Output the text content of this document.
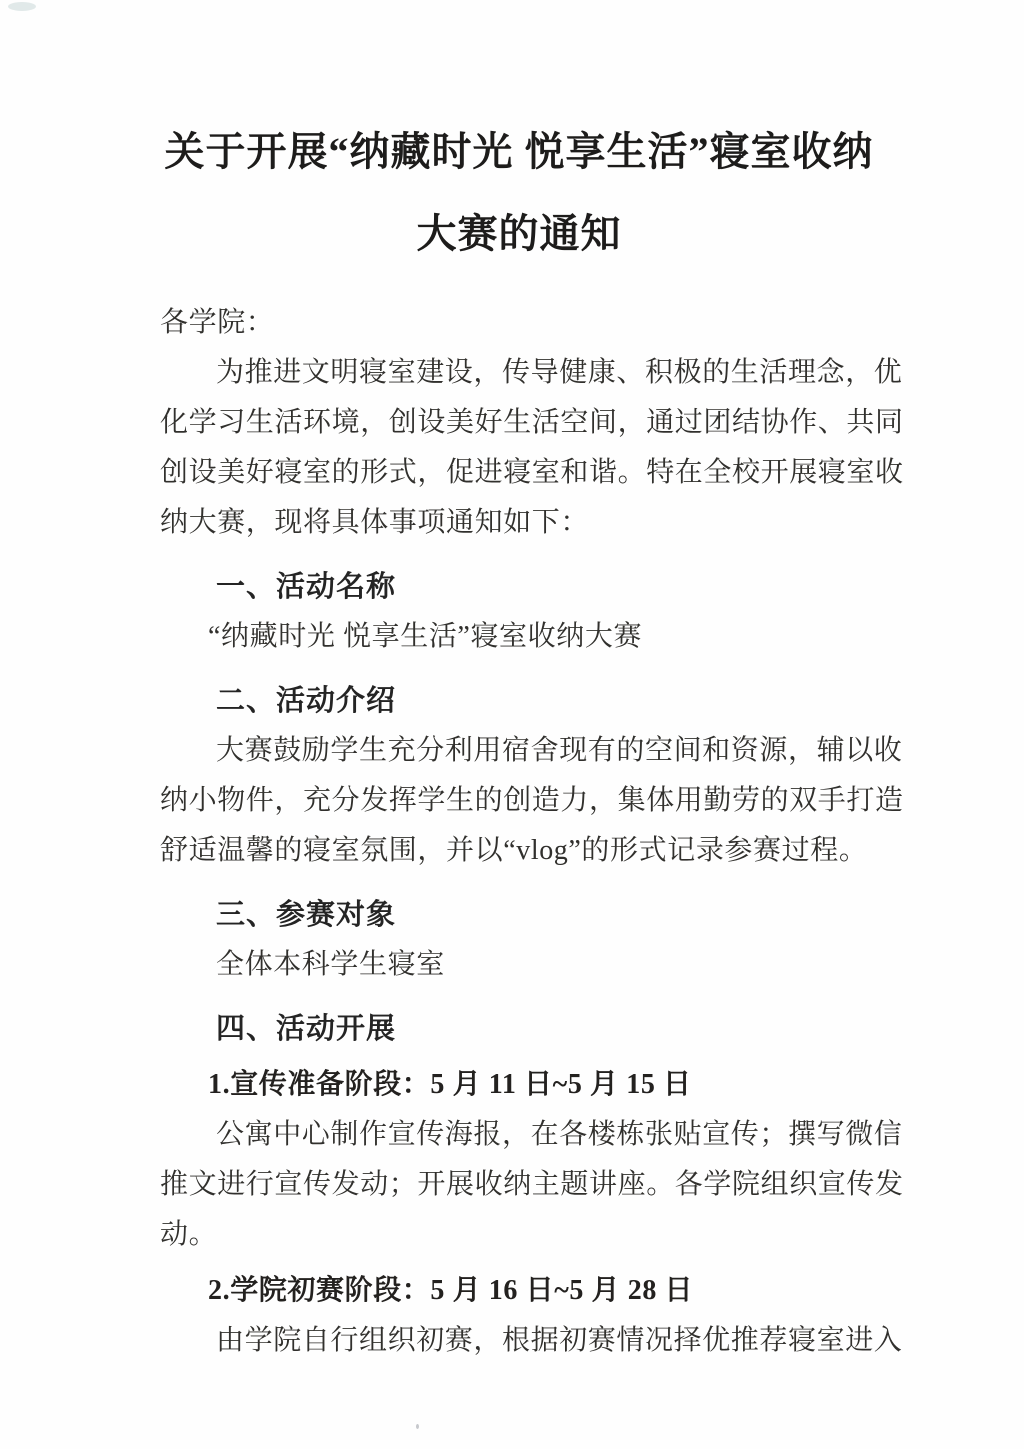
关于开展“纳藏时光 悦享生活”寝室收纳
大赛的通知
各学院：
为推进文明寝室建设，传导健康、积极的生活理念，优
化学习生活环境，创设美好生活空间，通过团结协作、共同
创设美好寝室的形式，促进寝室和谐。特在全校开展寝室收
纳大赛，现将具体事项通知如下：
一、活动名称
“纳藏时光 悦享生活”寝室收纳大赛
二、活动介绍
大赛鼓励学生充分利用宿舍现有的空间和资源，辅以收
纳小物件，充分发挥学生的创造力，集体用勤劳的双手打造
舒适温馨的寝室氛围，并以“vlog”的形式记录参赛过程。
三、参赛对象
全体本科学生寝室
四、活动开展
1.宣传准备阶段：5 月 11 日~5 月 15 日
公寓中心制作宣传海报，在各楼栋张贴宣传；撰写微信
推文进行宣传发动；开展收纳主题讲座。各学院组织宣传发
动。
2.学院初赛阶段：5 月 16 日~5 月 28 日
由学院自行组织初赛，根据初赛情况择优推荐寝室进入
